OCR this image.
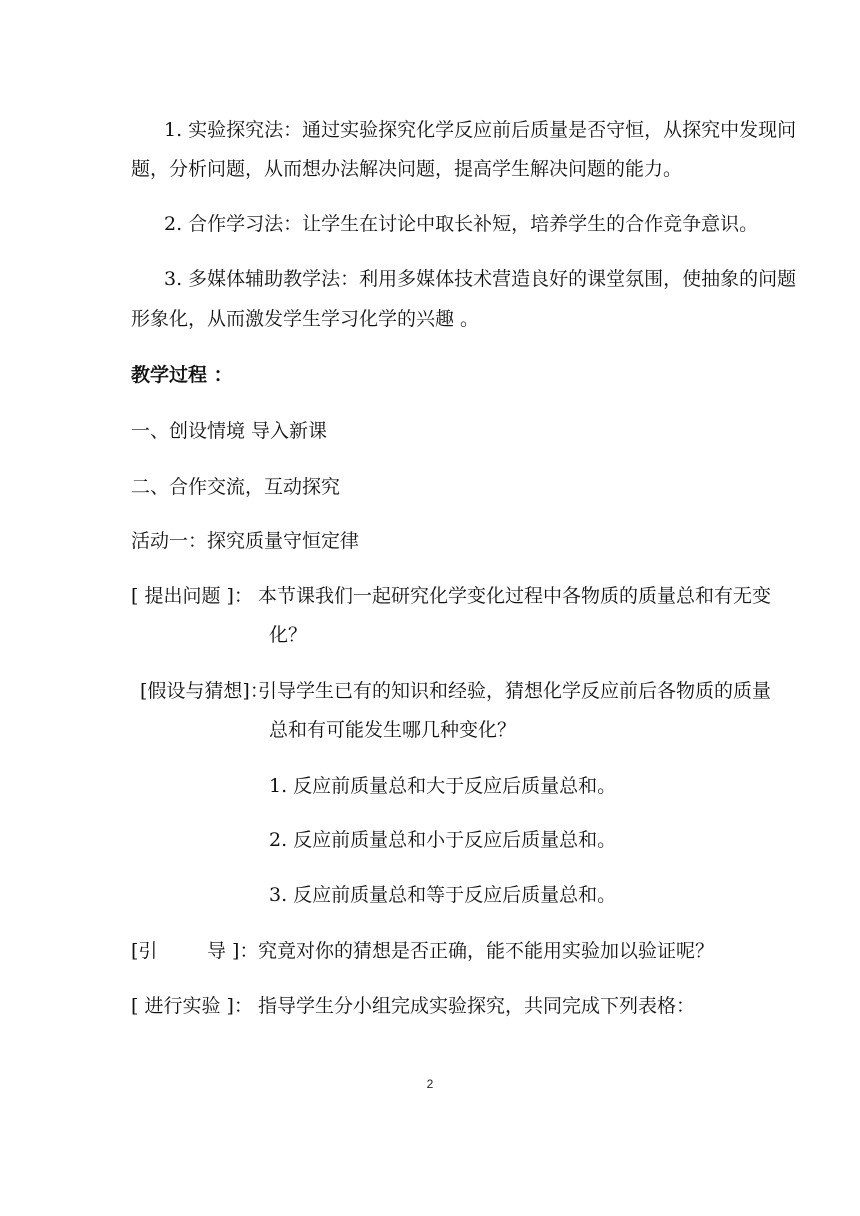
1. 实验探究法：通过实验探究化学反应前后质量是否守恒，从探究中发现问
题，分析问题，从而想办法解决问题，提高学生解决问题的能力。
2. 合作学习法：让学生在讨论中取长补短，培养学生的合作竞争意识。
3. 多媒体辅助教学法：利用多媒体技术营造良好的课堂氛围，使抽象的问题
形象化，从而激发学生学习化学的兴趣 。
教学过程 ：
一、创设情境 导入新课
二、合作交流，互动探究
活动一：探究质量守恒定律
[ 提出问题 ]： 本节课我们一起研究化学变化过程中各物质的质量总和有无变
化？
[假设与猜想]：
引导学生已有的知识和经验，猜想化学反应前后各物质的质量
总和有可能发生哪几种变化？
1. 反应前质量总和大于反应后质量总和。
2. 反应前质量总和小于反应后质量总和。
3. 反应前质量总和等于反应后质量总和。
[引	导 ]： 究竟对你的猜想是否正确，能不能用实验加以验证呢？
[ 进行实验 ]： 指导学生分小组完成实验探究，共同完成下列表格：
2
